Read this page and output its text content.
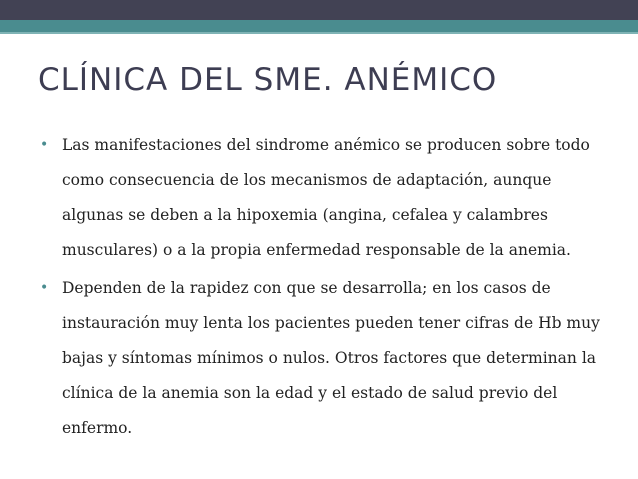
CLÍNICA DEL SME. ANÉMICO
• Las manifestaciones del sindrome anémico se producen sobre todo como consecuencia de los mecanismos de adaptación, aunque algunas se deben a la hipoxemia (angina, cefalea y calambres musculares) o a la propia enfermedad responsable de la anemia.
• Dependen de la rapidez con que se desarrolla; en los casos de instauración muy lenta los pacientes pueden tener cifras de Hb muy bajas y síntomas mínimos o nulos. Otros factores que determinan la clínica de la anemia son la edad y el estado de salud previo del enfermo.
